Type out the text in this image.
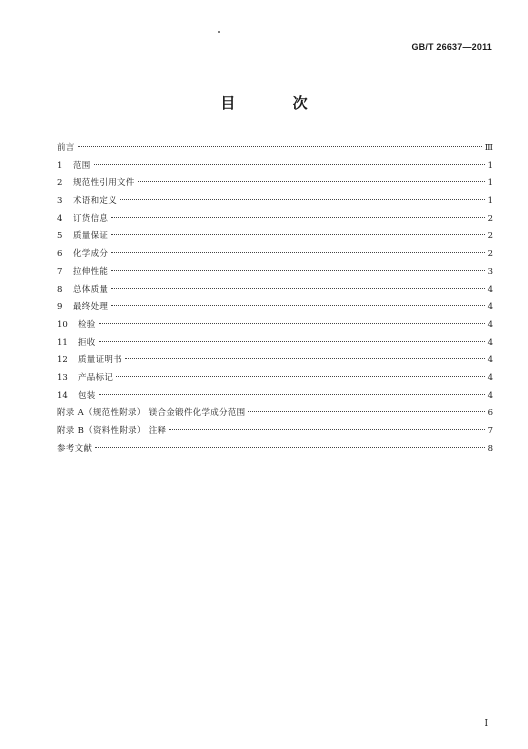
GB/T 26637—2011
目 次
前言	Ⅲ
1	范围	1
2	规范性引用文件	1
3	术语和定义	1
4	订货信息	2
5	质量保证	2
6	化学成分	2
7	拉伸性能	3
8	总体质量	4
9	最终处理	4
10	检验	4
11	拒收	4
12	质量证明书	4
13	产品标记	4
14	包装	4
附录 A（规范性附录） 镁合金锻件化学成分范围	6
附录 B（资料性附录） 注释	7
参考文献	8
I
